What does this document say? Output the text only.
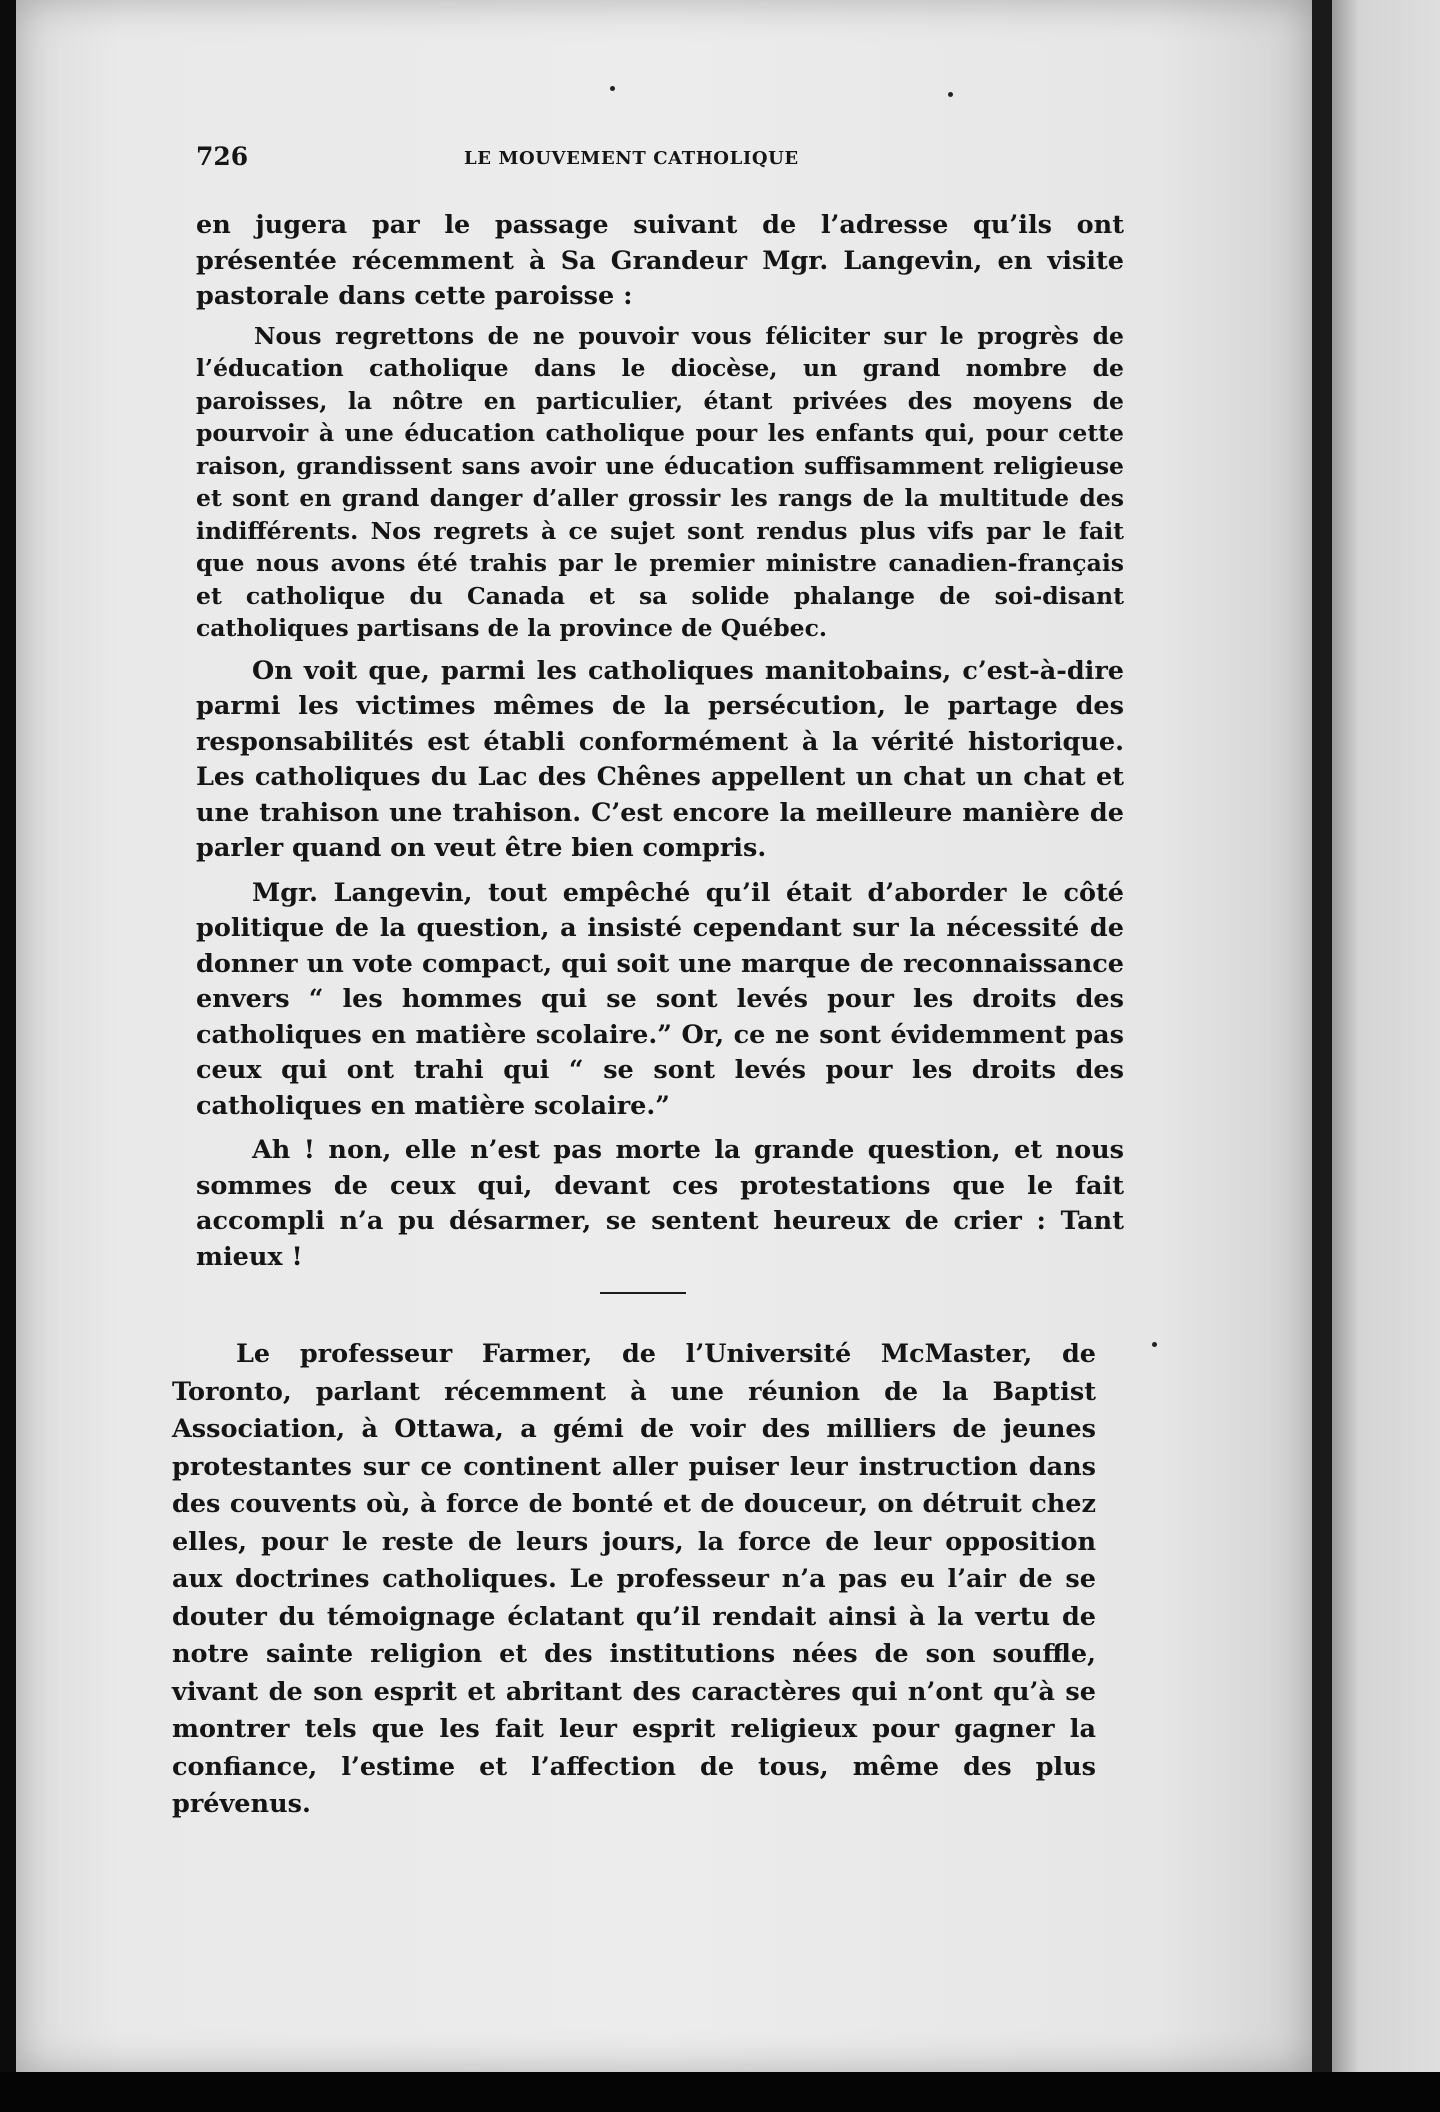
726	LE MOUVEMENT CATHOLIQUE

en jugera par le passage suivant de l’adresse qu’ils ont présentée récemment à Sa Grandeur Mgr. Langevin, en visite pastorale dans cette paroisse :

Nous regrettons de ne pouvoir vous féliciter sur le progrès de l’éducation catholique dans le diocèse, un grand nombre de paroisses, la nôtre en particulier, étant privées des moyens de pourvoir à une éducation catholique pour les enfants qui, pour cette raison, grandissent sans avoir une éducation suffisamment religieuse et sont en grand danger d’aller grossir les rangs de la multitude des indifférents. Nos regrets à ce sujet sont rendus plus vifs par le fait que nous avons été trahis par le premier ministre canadien-français et catholique du Canada et sa solide phalange de soi-disant catholiques partisans de la province de Québec.

On voit que, parmi les catholiques manitobains, c’est-à-dire parmi les victimes mêmes de la persécution, le partage des responsabilités est établi conformément à la vérité historique. Les catholiques du Lac des Chênes appellent un chat un chat et une trahison une trahison. C’est encore la meilleure manière de parler quand on veut être bien compris.

Mgr. Langevin, tout empêché qu’il était d’aborder le côté politique de la question, a insisté cependant sur la nécessité de donner un vote compact, qui soit une marque de reconnaissance envers “ les hommes qui se sont levés pour les droits des catholiques en matière scolaire.” Or, ce ne sont évidemment pas ceux qui ont trahi qui “ se sont levés pour les droits des catholiques en matière scolaire.”

Ah ! non, elle n’est pas morte la grande question, et nous sommes de ceux qui, devant ces protestations que le fait accompli n’a pu désarmer, se sentent heureux de crier : Tant mieux !

Le professeur Farmer, de l’Université McMaster, de Toronto, parlant récemment à une réunion de la Baptist Association, à Ottawa, a gémi de voir des milliers de jeunes protestantes sur ce continent aller puiser leur instruction dans des couvents où, à force de bonté et de douceur, on détruit chez elles, pour le reste de leurs jours, la force de leur opposition aux doctrines catholiques. Le professeur n’a pas eu l’air de se douter du témoignage éclatant qu’il rendait ainsi à la vertu de notre sainte religion et des institutions nées de son souffle, vivant de son esprit et abritant des caractères qui n’ont qu’à se montrer tels que les fait leur esprit religieux pour gagner la confiance, l’estime et l’affection de tous, même des plus prévenus.
